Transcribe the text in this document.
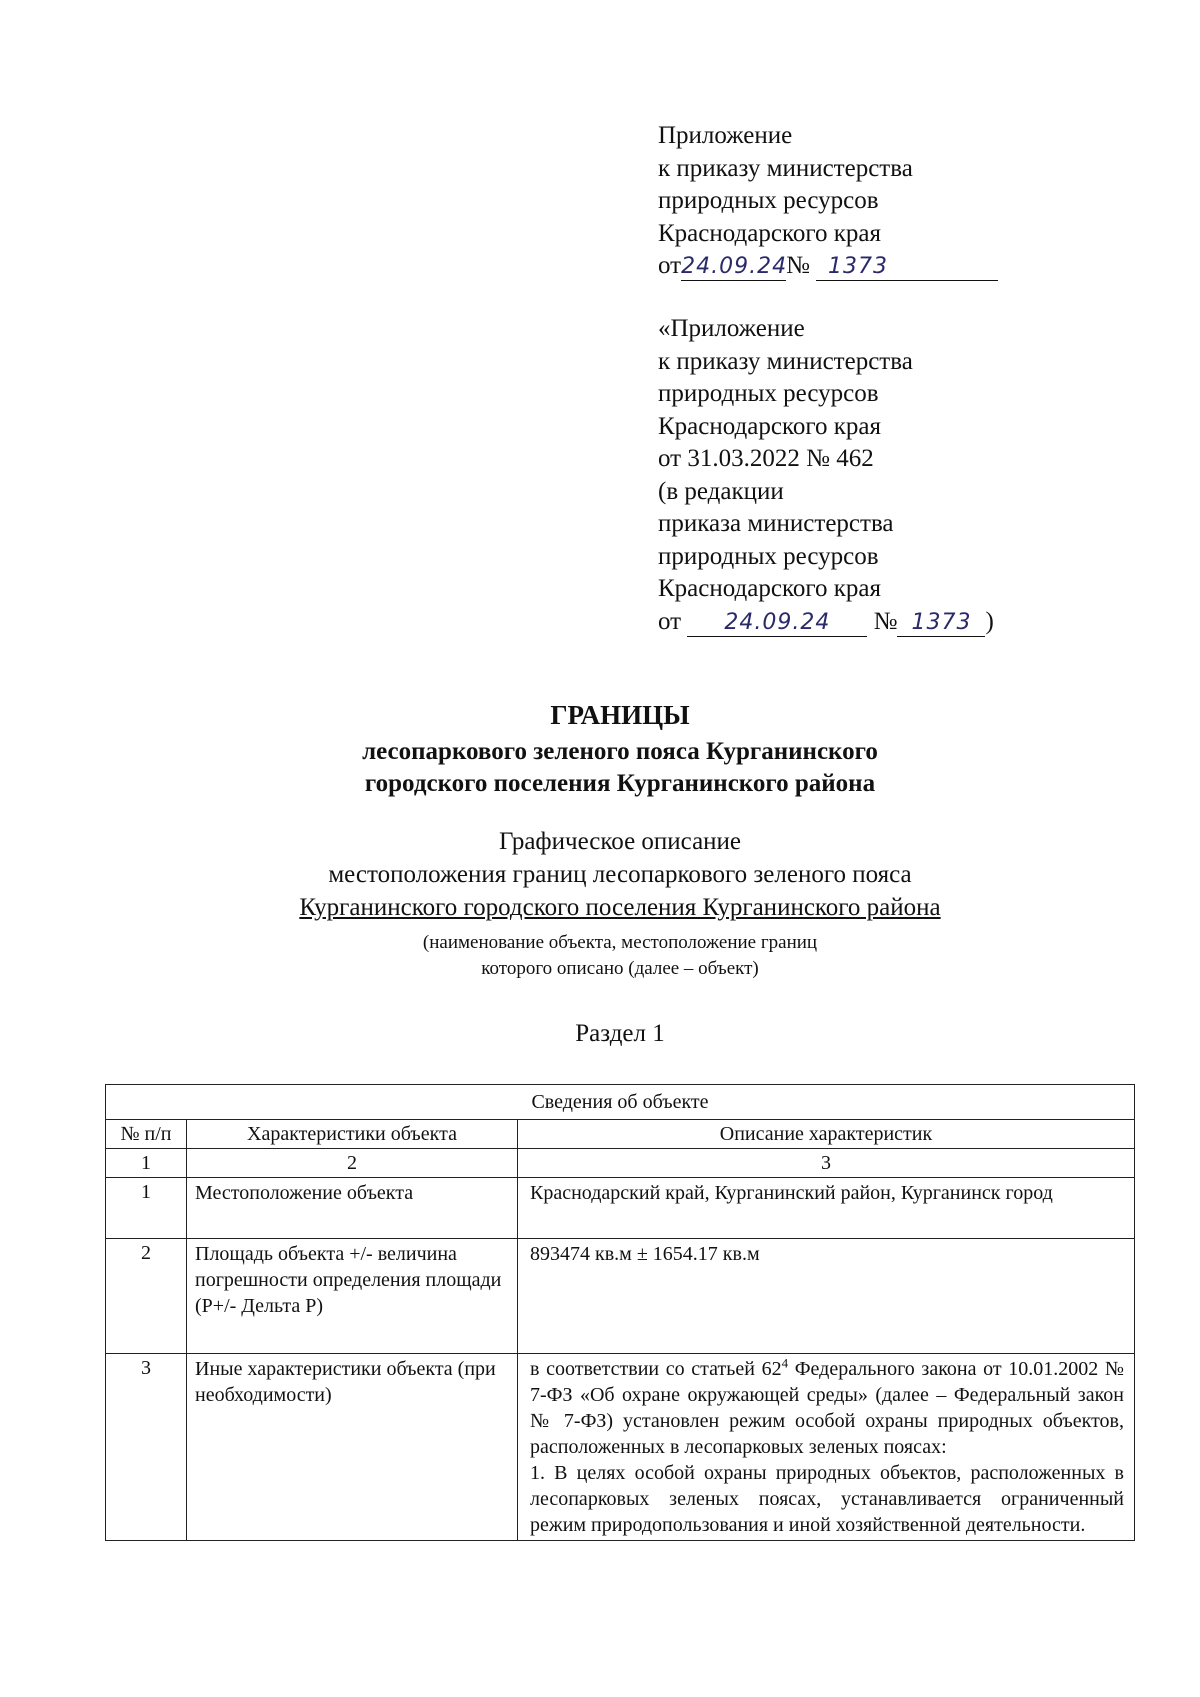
Приложение
к приказу министерства
природных ресурсов
Краснодарского края
от24.09.24№ 1373
«Приложение
к приказу министерства
природных ресурсов
Краснодарского края
от 31.03.2022 № 462
(в редакции
приказа министерства
природных ресурсов
Краснодарского края
от 24.09.24 № 1373 )
ГРАНИЦЫ
лесопаркового зеленого пояса Курганинского
городского поселения Курганинского района
Графическое описание
местоположения границ лесопаркового зеленого пояса
Курганинского городского поселения Курганинского района
(наименование объекта, местоположение границ
которого описано (далее – объект)
Раздел 1
Сведения об объекте		
№ п/п	Характеристики объекта	Описание характеристик
1	2	3
1	Местоположение объекта	Краснодарский край, Курганинский район, Курганинск город
2	Площадь объекта +/- величина погрешности определения площади (Р+/- Дельта Р)	893474 кв.м ± 1654.17 кв.м
3	Иные характеристики объекта (при необходимости)	в соответствии со статьей $62^4$ Федерального закона от 10.01.2002 № 7-ФЗ «Об охране окружающей среды» (далее – Федеральный закон № 7-ФЗ) установлен режим особой охраны природных объектов, расположенных в лесопарковых зеленых поясах:
1. В целях особой охраны природных объектов, расположенных в лесопарковых зеленых поясах, устанавливается ограниченный режим природопользования и иной хозяйственной деятельности.
